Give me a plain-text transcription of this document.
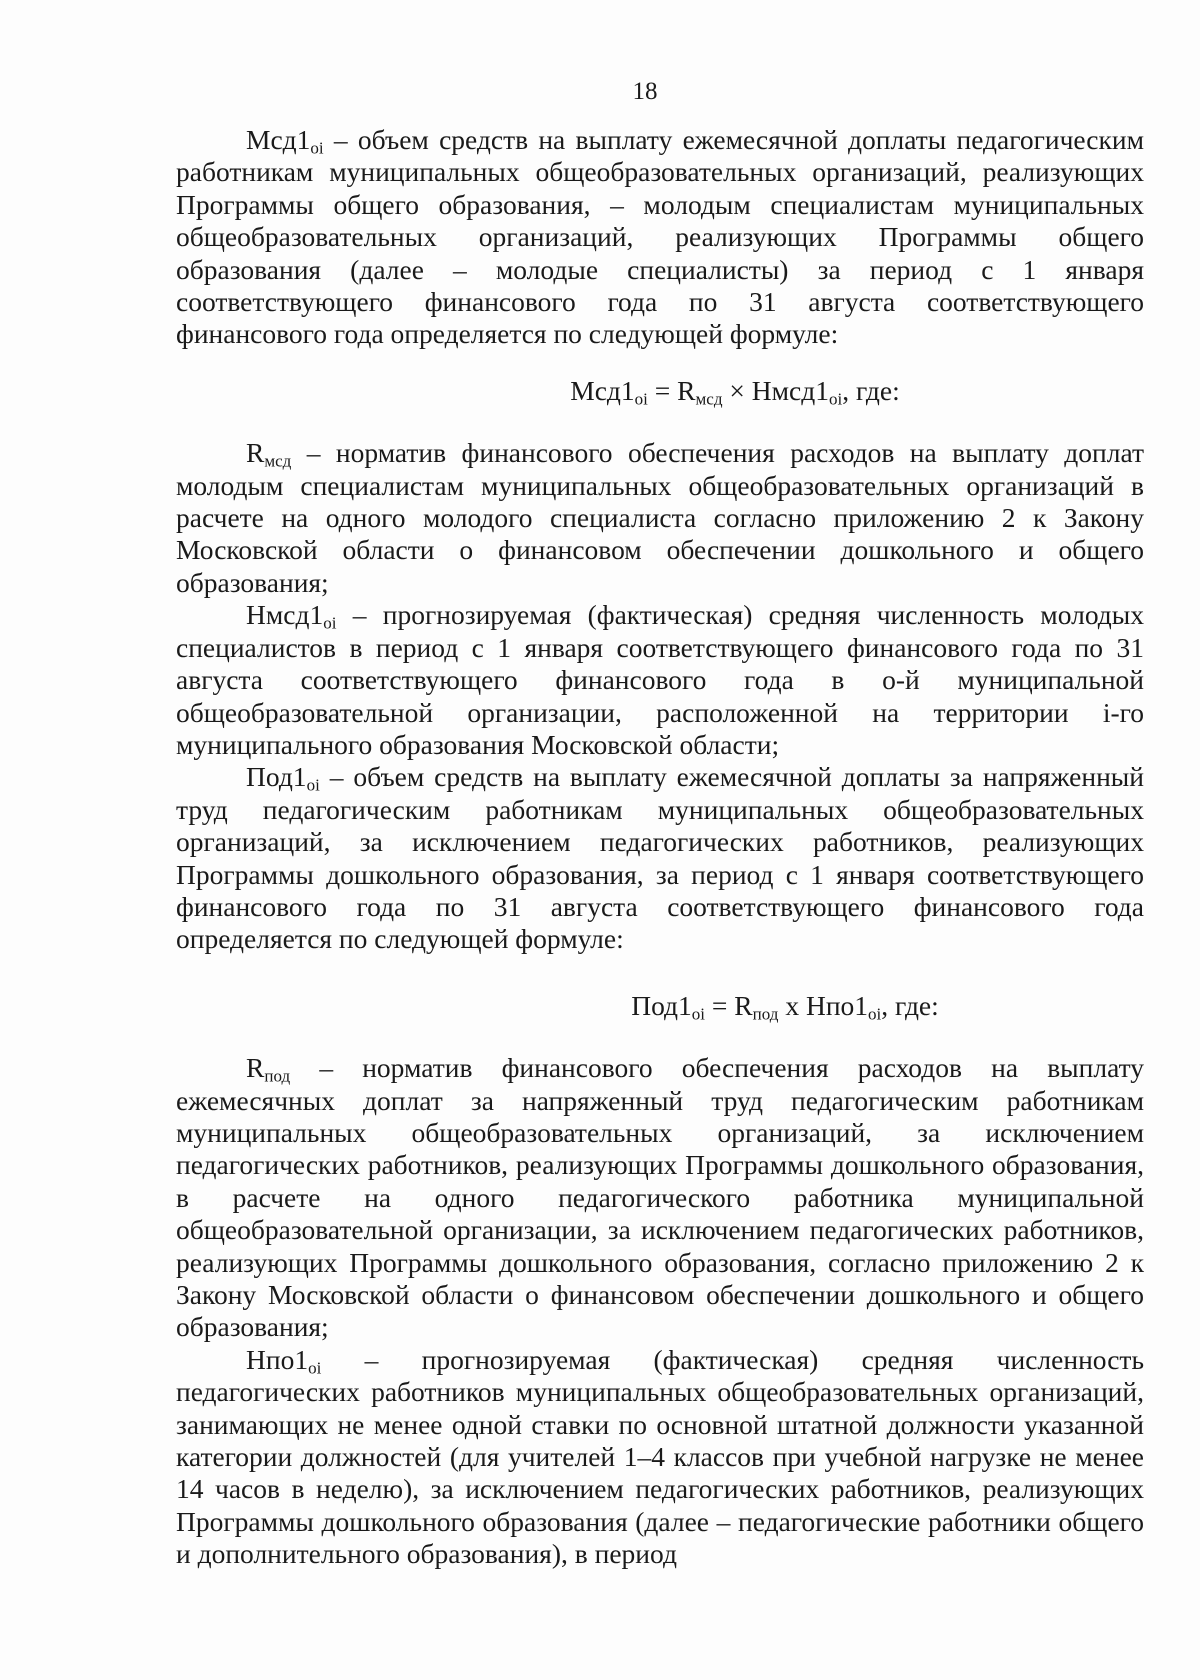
18

$Мсд1_{oi}$ – объем средств на выплату ежемесячной доплаты педагогическим работникам муниципальных общеобразовательных организаций, реализующих Программы общего образования, – молодым специалистам муниципальных общеобразовательных организаций, реализующих Программы общего образования (далее – молодые специалисты) за период с 1 января соответствующего финансового года по 31 августа соответствующего финансового года определяется по следующей формуле:

$Мсд1_{oi} = R_{мсд}$ × $Нмсд1_{oi}$, где:

$R_{мсд}$ – норматив финансового обеспечения расходов на выплату доплат молодым специалистам муниципальных общеобразовательных организаций в расчете на одного молодого специалиста согласно приложению 2 к Закону Московской области о финансовом обеспечении дошкольного и общего образования;

$Нмсд1_{oi}$ – прогнозируемая (фактическая) средняя численность молодых специалистов в период с 1 января соответствующего финансового года по 31 августа соответствующего финансового года в о-й муниципальной общеобразовательной организации, расположенной на территории i-го муниципального образования Московской области;

$Под1_{oi}$ – объем средств на выплату ежемесячной доплаты за напряженный труд педагогическим работникам муниципальных общеобразовательных организаций, за исключением педагогических работников, реализующих Программы дошкольного образования, за период с 1 января соответствующего финансового года по 31 августа соответствующего финансового года определяется по следующей формуле:

$Под1_{oi} = R_{под}$ х $Нпо1_{oi}$, где:

$R_{под}$ – норматив финансового обеспечения расходов на выплату ежемесячных доплат за напряженный труд педагогическим работникам муниципальных общеобразовательных организаций, за исключением педагогических работников, реализующих Программы дошкольного образования, в расчете на одного педагогического работника муниципальной общеобразовательной организации, за исключением педагогических работников, реализующих Программы дошкольного образования, согласно приложению 2 к Закону Московской области о финансовом обеспечении дошкольного и общего образования;

$Нпо1_{oi}$ – прогнозируемая (фактическая) средняя численность педагогических работников муниципальных общеобразовательных организаций, занимающих не менее одной ставки по основной штатной должности указанной категории должностей (для учителей 1–4 классов при учебной нагрузке не менее 14 часов в неделю), за исключением педагогических работников, реализующих Программы дошкольного образования (далее – педагогические работники общего и дополнительного образования), в период
